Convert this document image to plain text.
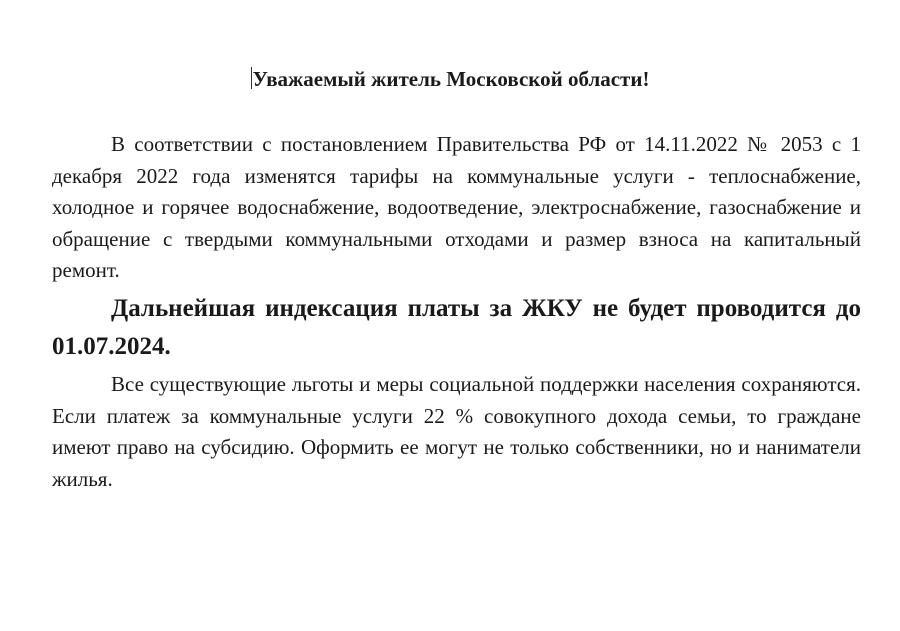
Уважаемый житель Московской области!

В соответствии с постановлением Правительства РФ от 14.11.2022 № 2053 с 1 декабря 2022 года изменятся тарифы на коммунальные услуги - теплоснабжение, холодное и горячее водоснабжение, водоотведение, электроснабжение, газоснабжение и обращение с твердыми коммунальными отходами и размер взноса на капитальный ремонт.

Дальнейшая индексация платы за ЖКУ не будет проводится до 01.07.2024.

Все существующие льготы и меры социальной поддержки населения сохраняются. Если платеж за коммунальные услуги 22 % совокупного дохода семьи, то граждане имеют право на субсидию. Оформить ее могут не только собственники, но и наниматели жилья.
